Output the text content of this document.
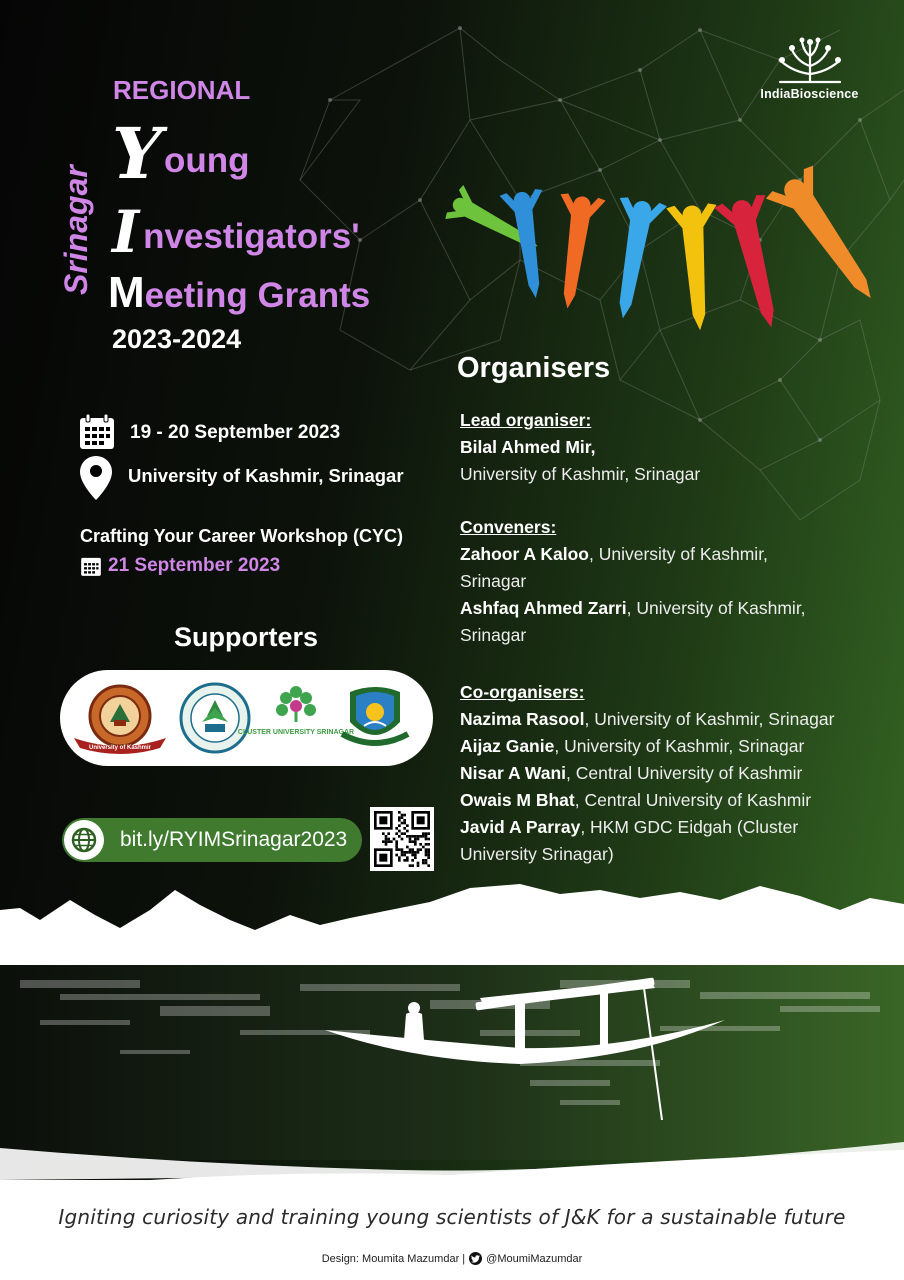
IndiaBioscience
REGIONAL
Srinagar
Young
Investigators'
Meeting Grants
2023-2024
19 - 20 September 2023
University of Kashmir, Srinagar
Crafting Your Career Workshop (CYC)
21 September 2023
Supporters
University of Kashmir
CLUSTER UNIVERSITY SRINAGAR
bit.ly/RYIMSrinagar2023
Organisers
Lead organiser:
Bilal Ahmed Mir,
University of Kashmir, Srinagar
Conveners:
Zahoor A Kaloo, University of Kashmir, Srinagar
Ashfaq Ahmed Zarri, University of Kashmir, Srinagar
Co-organisers:
Nazima Rasool, University of Kashmir, Srinagar
Aijaz Ganie, University of Kashmir, Srinagar
Nisar A Wani, Central University of Kashmir
Owais M Bhat, Central University of Kashmir
Javid A Parray, HKM GDC Eidgah (Cluster University Srinagar)
Igniting curiosity and training young scientists of J&K for a sustainable future
Design: Moumita Mazumdar | @MoumiMazumdar
